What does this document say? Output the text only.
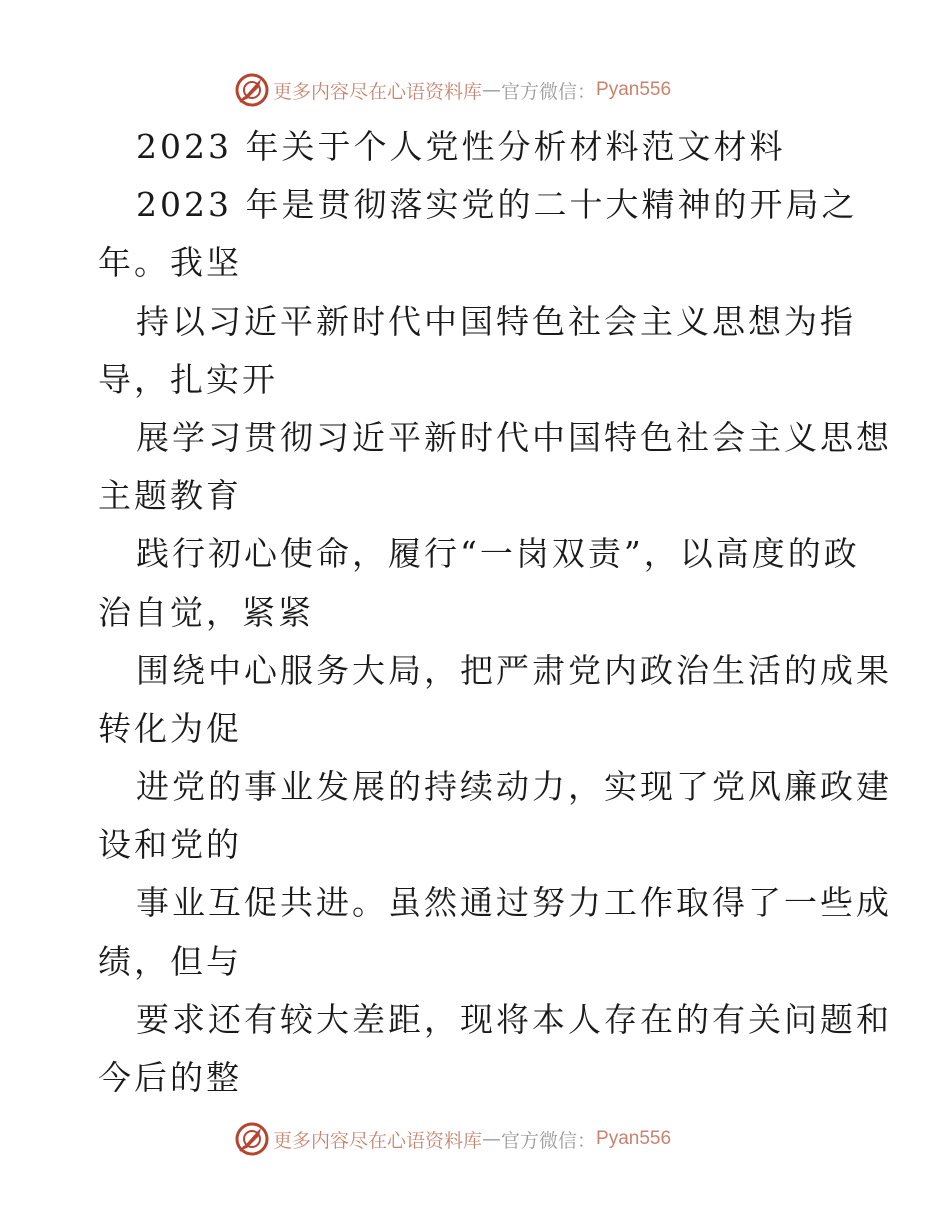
更多内容尽在心语资料库 — 官方微信： Pyan556
2023 年关于个人党性分析材料范文材料
2023 年是贯彻落实党的二十大精神的开局之
年。我坚
持以习近平新时代中国特色社会主义思想为指
导，扎实开
展学习贯彻习近平新时代中国特色社会主义思想
主题教育
践行初心使命，履行“一岗双责”，以高度的政
治自觉，紧紧
围绕中心服务大局，把严肃党内政治生活的成果
转化为促
进党的事业发展的持续动力，实现了党风廉政建
设和党的
事业互促共进。虽然通过努力工作取得了一些成
绩，但与
要求还有较大差距，现将本人存在的有关问题和
今后的整
更多内容尽在心语资料库 — 官方微信： Pyan556
